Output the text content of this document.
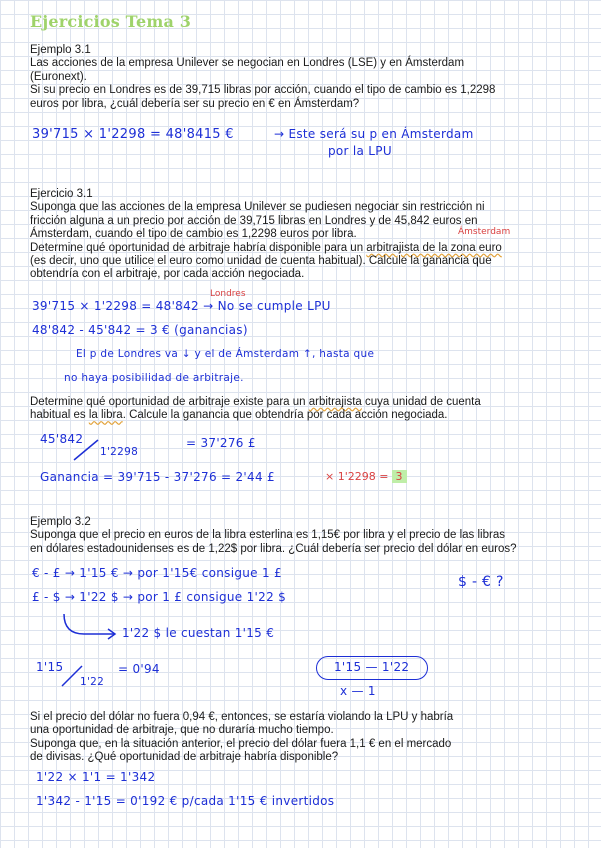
Ejercicios Tema 3

Ejemplo 3.1

Las acciones de la empresa Unilever se negocian en Londres (LSE) y en Ámsterdam

(Euronext).

Si su precio en Londres es de 39,715 libras por acción, cuando el tipo de cambio es 1,2298

euros por libra, ¿cuál debería ser su precio en € en Ámsterdam?

39'715 × 1'2298 = 48'8415 €	→ Este será su p en Ámsterdam
por la LPU

Ejercicio 3.1

Suponga que las acciones de la empresa Unilever se pudiesen negociar sin restricción ni

fricción alguna a un precio por acción de 39,715 libras en Londres y de 45,842 euros en

Ámsterdam, cuando el tipo de cambio es 1,2298 euros por libra.

Determine qué oportunidad de arbitraje habría disponible para un arbitrajista de la zona euro

(es decir, uno que utilice el euro como unidad de cuenta habitual). Calcule la ganancia que

obtendría con el arbitraje, por cada acción negociada.

Ámsterdam
Londres
39'715 × 1'2298 = 48'842 → No se cumple LPU
48'842 - 45'842 = 3 € (ganancias)
El p de Londres va ↓ y el de Ámsterdam ↑, hasta que
no haya posibilidad de arbitraje.

Determine qué oportunidad de arbitraje existe para un arbitrajista cuya unidad de cuenta

habitual es la libra. Calcule la ganancia que obtendría por cada acción negociada.

45'842
1'2298
= 37'276 £
Ganancia = 39'715 - 37'276 = 2'44 £	× 1'2298 = 3

Ejemplo 3.2

Suponga que el precio en euros de la libra esterlina es 1,15€ por libra y el precio de las libras

en dólares estadounidenses es de 1,22$ por libra. ¿Cuál debería ser precio del dólar en euros?

€ - £ → 1'15 € → por 1'15€ consigue 1 £
£ - $ → 1'22 $ → por 1 £ consigue 1'22 $
$ - € ?
1'22 $ le cuestan 1'15 €
1'15
1'22
= 0'94	1'15 — 1'22
x — 1

Si el precio del dólar no fuera 0,94 €, entonces, se estaría violando la LPU y habría

una oportunidad de arbitraje, que no duraría mucho tiempo.

Suponga que, en la situación anterior, el precio del dólar fuera 1,1 € en el mercado

de divisas. ¿Qué oportunidad de arbitraje habría disponible?

1'22 × 1'1 = 1'342
1'342 - 1'15 = 0'192 € p/cada 1'15 € invertidos
